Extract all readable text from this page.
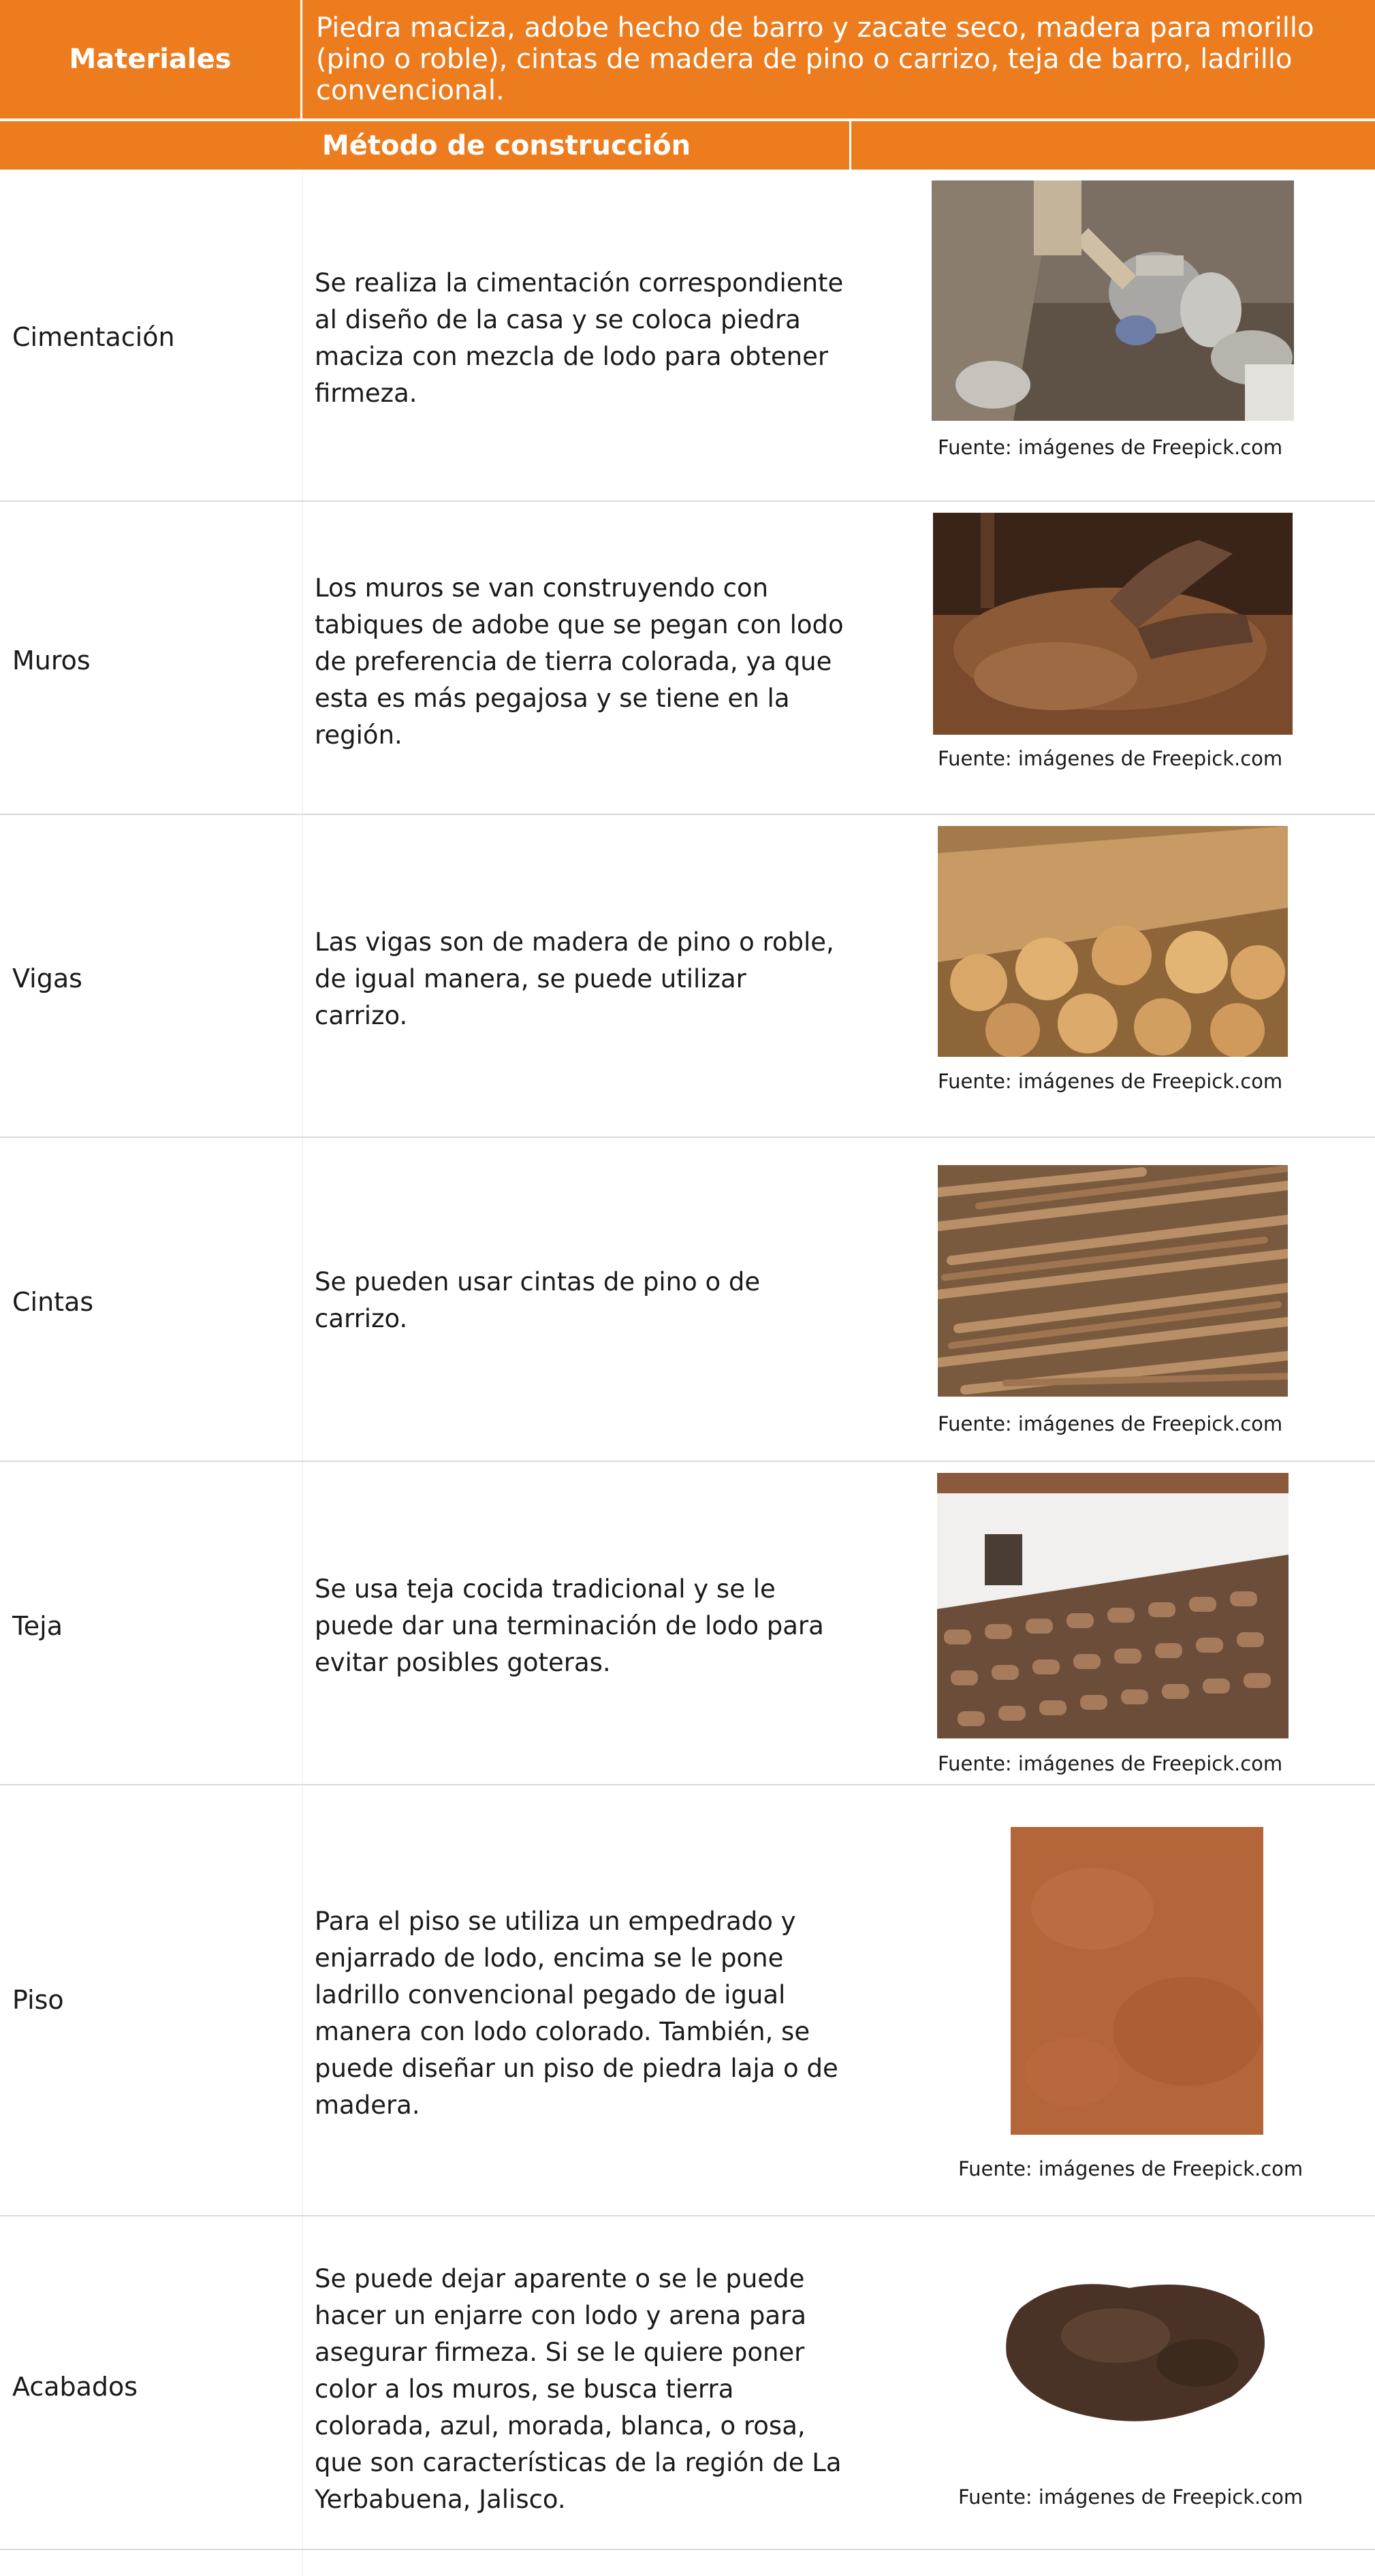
Materiales
Piedra maciza, adobe hecho de barro y zacate seco, madera para morillo (pino o roble), cintas de madera de pino o carrizo, teja de barro, ladrillo convencional.
Método de construcción
Cimentación
Se realiza la cimentación correspondiente al diseño de la casa y se coloca piedra maciza con mezcla de lodo para obtener firmeza.
Fuente: imágenes de Freepick.com
Muros
Los muros se van construyendo con tabiques de adobe que se pegan con lodo de preferencia de tierra colorada, ya que esta es más pegajosa y se tiene en la región.
Fuente: imágenes de Freepick.com
Vigas
Las vigas son de madera de pino o roble, de igual manera, se puede utilizar carrizo.
Fuente: imágenes de Freepick.com
Cintas
Se pueden usar cintas de pino o de carrizo.
Fuente: imágenes de Freepick.com
Teja
Se usa teja cocida tradicional y se le puede dar una terminación de lodo para evitar posibles goteras.
Fuente: imágenes de Freepick.com
Piso
Para el piso se utiliza un empedrado y enjarrado de lodo, encima se le pone ladrillo convencional pegado de igual manera con lodo colorado. También, se puede diseñar un piso de piedra laja o de madera.
Fuente: imágenes de Freepick.com
Acabados
Se puede dejar aparente o se le puede hacer un enjarre con lodo y arena para asegurar firmeza. Si se le quiere poner color a los muros, se busca tierra colorada, azul, morada, blanca, o rosa, que son características de la región de La Yerbabuena, Jalisco.	Fuente: imágenes de Freepick.com
